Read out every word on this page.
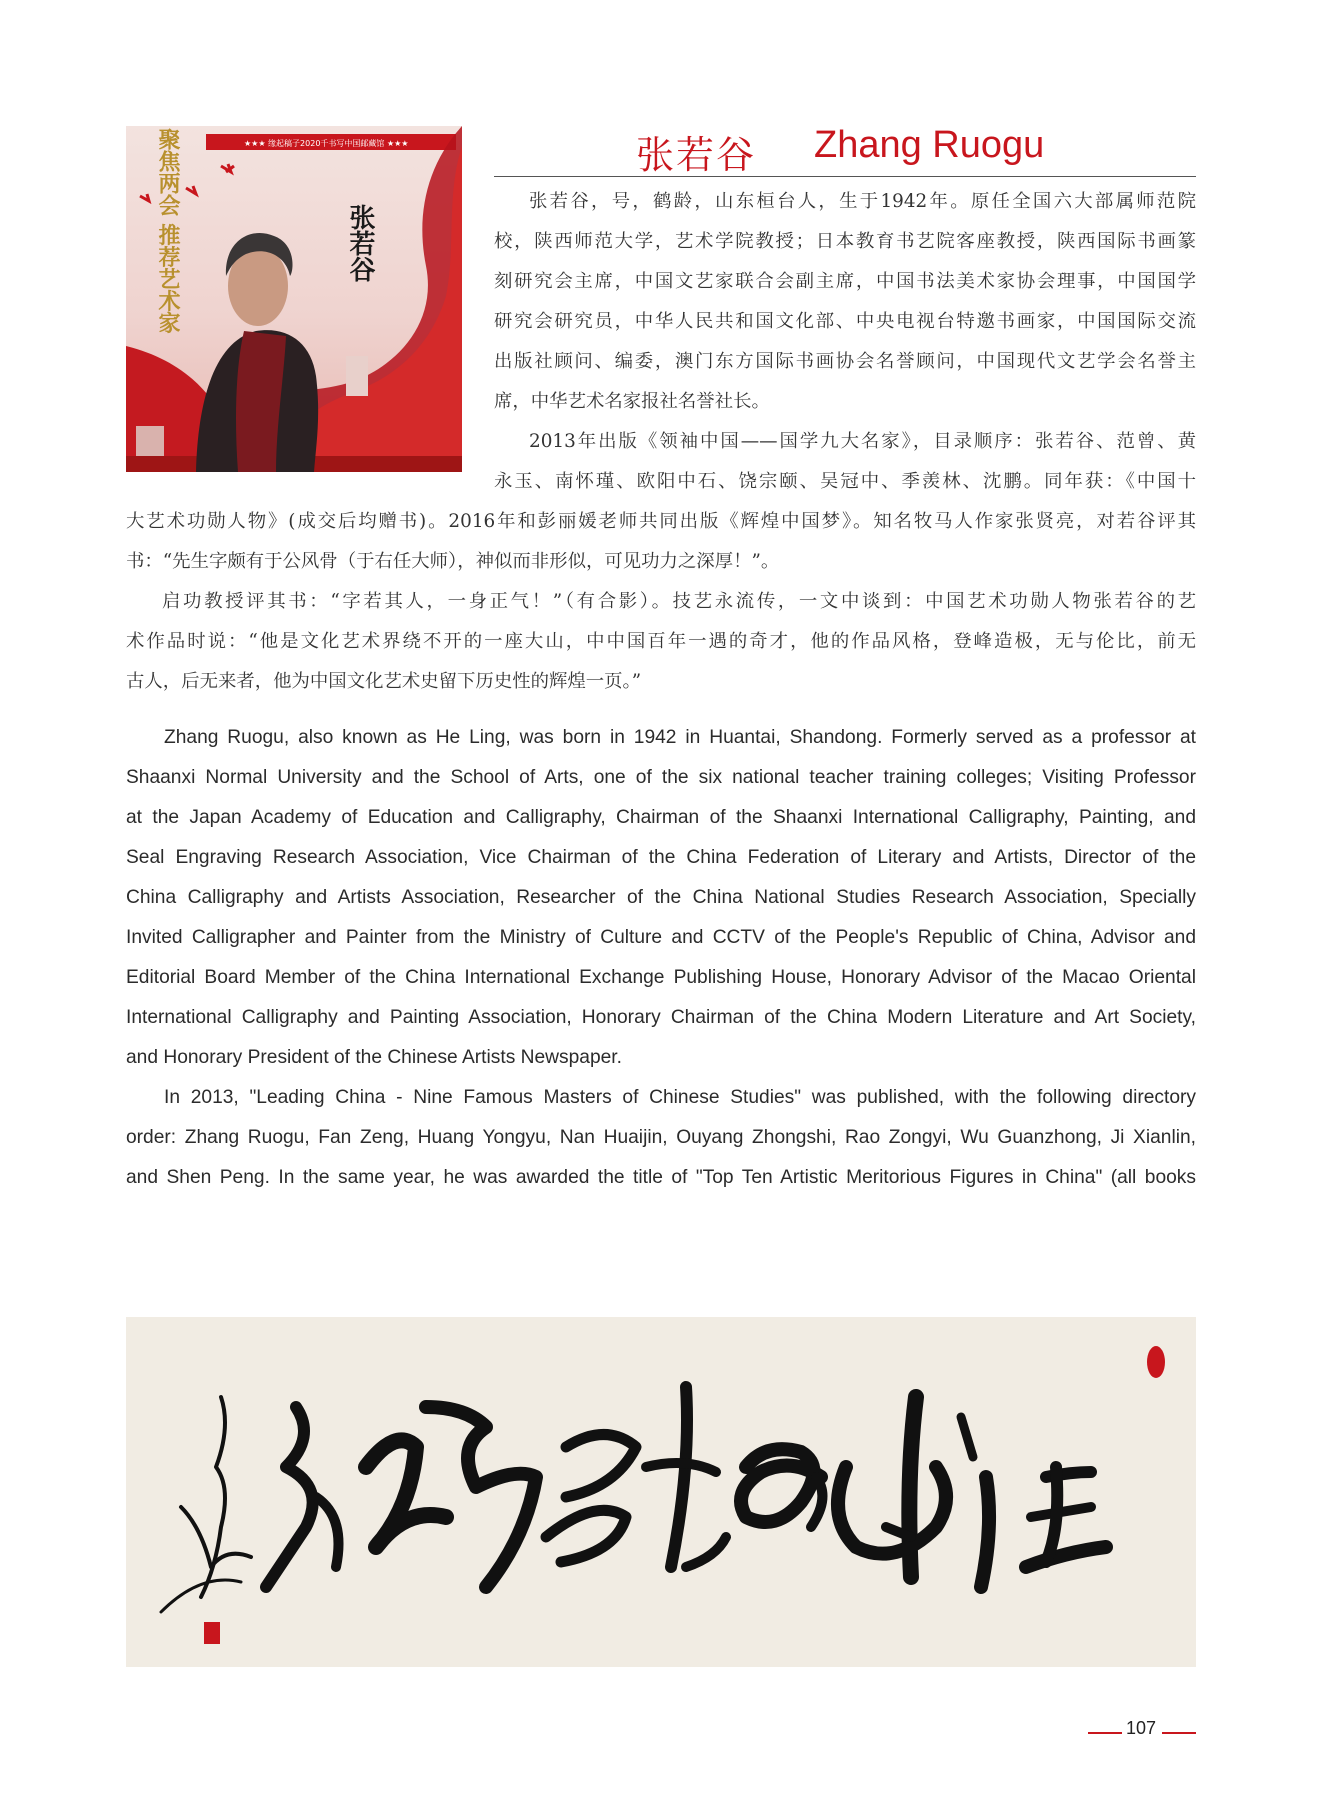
★★★ 缘起稿子2020千书写中国邮藏馆 ★★★
聚焦两会 推荐艺术家	张若谷
张若谷 Zhang Ruogu

张若谷，号，鹤龄，山东桓台人，生于1942年。原任全国六大部属师范院

校，陕西师范大学，艺术学院教授；日本教育书艺院客座教授，陕西国际书画篆

刻研究会主席，中国文艺家联合会副主席，中国书法美术家协会理事，中国国学

研究会研究员，中华人民共和国文化部、中央电视台特邀书画家，中国国际交流

出版社顾问、编委，澳门东方国际书画协会名誉顾问，中国现代文艺学会名誉主

席，中华艺术名家报社名誉社长。

2013年出版《领袖中国——国学九大名家》，目录顺序：张若谷、范曾、黄

永玉、南怀瑾、欧阳中石、饶宗颐、吴冠中、季羡林、沈鹏。同年获：《中国十

大艺术功勋人物》(成交后均赠书)。2016年和彭丽媛老师共同出版《辉煌中国梦》。知名牧马人作家张贤亮，对若谷评其

书：“先生字颇有于公风骨（于右任大师），神似而非形似，可见功力之深厚！”。

启功教授评其书：“字若其人，一身正气！”（有合影）。技艺永流传，一文中谈到：中国艺术功勋人物张若谷的艺

术作品时说：“他是文化艺术界绕不开的一座大山，中中国百年一遇的奇才，他的作品风格，登峰造极，无与伦比，前无

古人，后无来者，他为中国文化艺术史留下历史性的辉煌一页。”

Zhang Ruogu, also known as He Ling, was born in 1942 in Huantai, Shandong. Formerly served as a professor at

Shaanxi Normal University and the School of Arts, one of the six national teacher training colleges; Visiting Professor

at the Japan Academy of Education and Calligraphy, Chairman of the Shaanxi International Calligraphy, Painting, and

Seal Engraving Research Association, Vice Chairman of the China Federation of Literary and Artists, Director of the

China Calligraphy and Artists Association, Researcher of the China National Studies Research Association, Specially

Invited Calligrapher and Painter from the Ministry of Culture and CCTV of the People's Republic of China, Advisor and

Editorial Board Member of the China International Exchange Publishing House, Honorary Advisor of the Macao Oriental

International Calligraphy and Painting Association, Honorary Chairman of the China Modern Literature and Art Society,

and Honorary President of the Chinese Artists Newspaper.

In 2013, "Leading China - Nine Famous Masters of Chinese Studies" was published, with the following directory

order: Zhang Ruogu, Fan Zeng, Huang Yongyu, Nan Huaijin, Ouyang Zhongshi, Rao Zongyi, Wu Guanzhong, Ji Xianlin,

and Shen Peng. In the same year, he was awarded the title of "Top Ten Artistic Meritorious Figures in China" (all books

107
